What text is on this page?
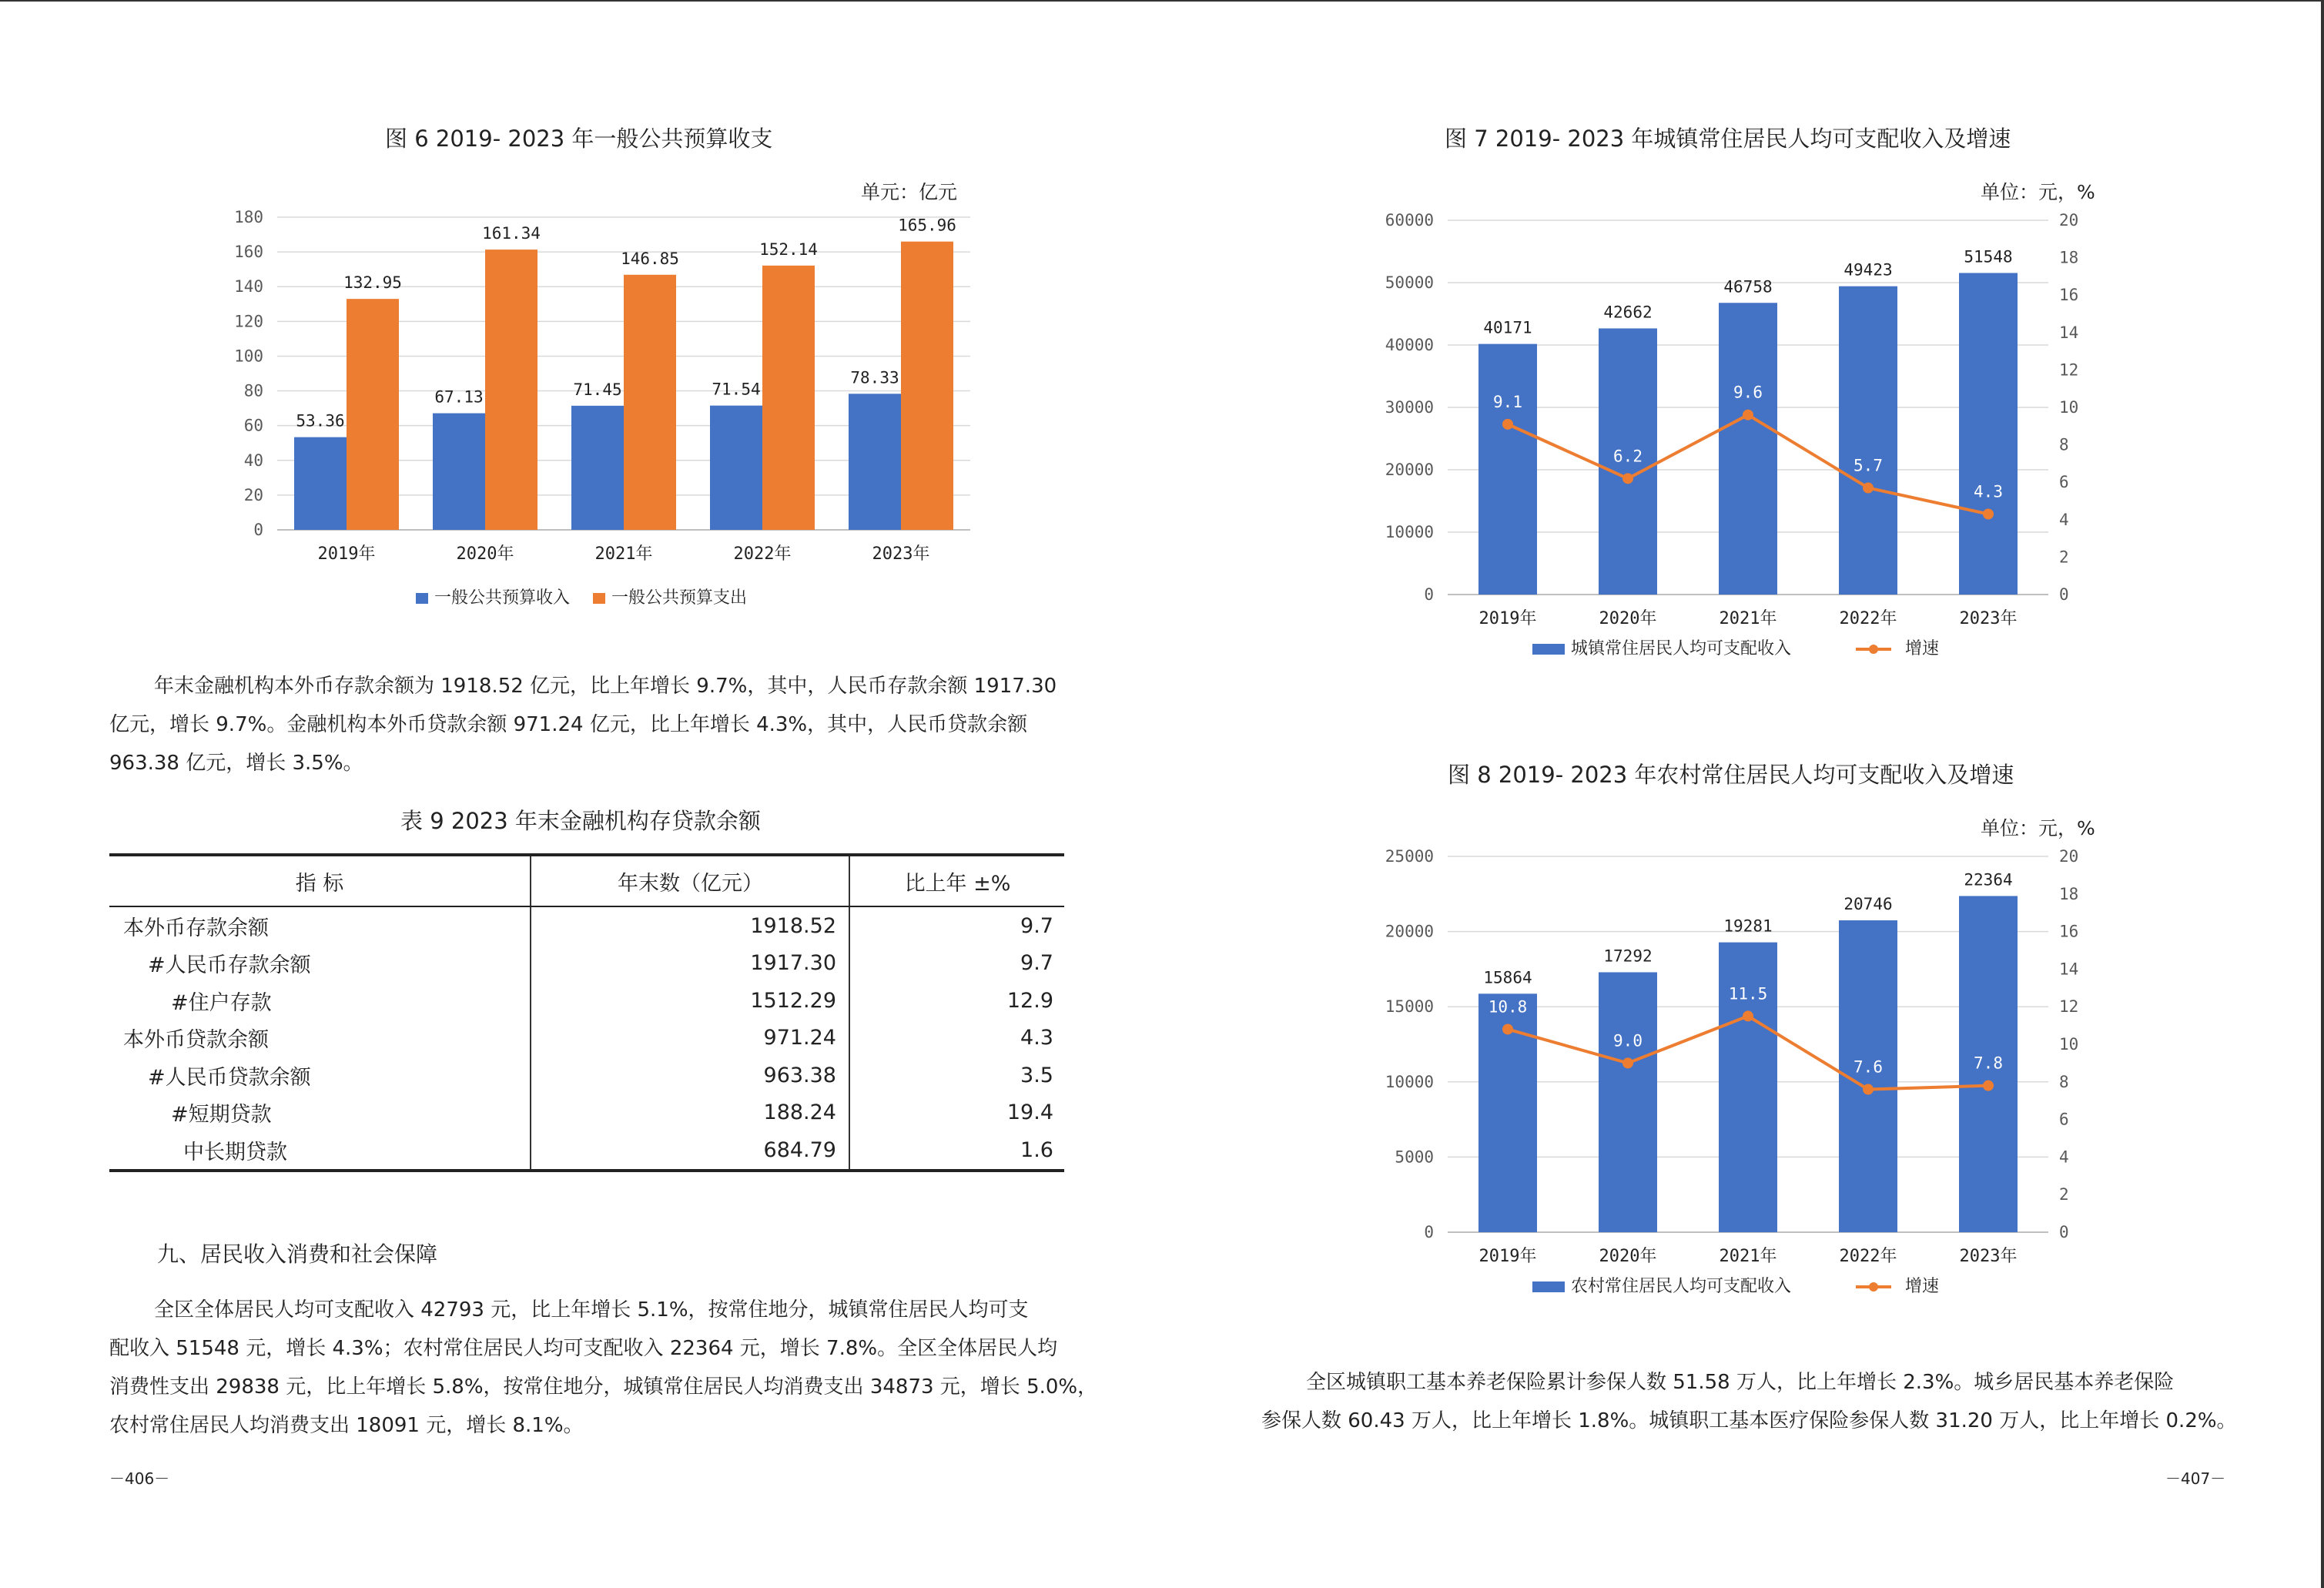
图 6 2019- 2023 年一般公共预算收支
单元：亿元
0
20
40
60
80
100
120
140
160
180
2019年	2020年	2021年	2022年	2023年
53.36
67.13	71.45	71.54
78.33
132.95
161.34
146.85	152.14
165.96
一般公共预算收入 一般公共预算支出
年末金融机构本外币存款余额为 1918.52 亿元，比上年增长 9.7%，其中，人民币存款余额 1917.30
亿元，增长 9.7%。金融机构本外币贷款余额 971.24 亿元，比上年增长 4.3%，其中，人民币贷款余额
963.38 亿元，增长 3.5%。
表 9 2023 年末金融机构存贷款余额
指 标	年末数（亿元）	比上年 ±%
本外币存款余额	1918.52	9.7
#人民币存款余额	1917.30	9.7
#住户存款	1512.29	12.9
本外币贷款余额	971.24	4.3
#人民币贷款余额	963.38	3.5
#短期贷款	188.24	19.4
中长期贷款	684.79	1.6
九、居民收入消费和社会保障
全区全体居民人均可支配收入 42793 元，比上年增长 5.1%，按常住地分，城镇常住居民人均可支
配收入 51548 元，增长 4.3%；农村常住居民人均可支配收入 22364 元，增长 7.8%。全区全体居民人均
消费性支出 29838 元，比上年增长 5.8%，按常住地分，城镇常住居民人均消费支出 34873 元，增长 5.0%，
农村常住居民人均消费支出 18091 元，增长 8.1%。
－406－
图 7 2019- 2023 年城镇常住居民人均可支配收入及增速
单位：元，%
0
10000
20000
30000
40000
50000
60000
0
2
4
6
8
10
12
14
16
18
20
2019年	2020年	2021年	2022年	2023年
40171
42662
46758
49423
51548
9.1
6.2
9.6
5.7
4.3
城镇常住居民人均可支配收入	增速
图 8 2019- 2023 年农村常住居民人均可支配收入及增速
单位：元，%
0
5000
10000
15000
20000
25000
0
2
4
6
8
10
12
14
16
18
20
2019年	2020年	2021年	2022年	2023年
15864
17292
19281
20746
22364
10.8
9.0
11.5
7.6	7.8
农村常住居民人均可支配收入	增速
全区城镇职工基本养老保险累计参保人数 51.58 万人，比上年增长 2.3%。城乡居民基本养老保险
参保人数 60.43 万人，比上年增长 1.8%。城镇职工基本医疗保险参保人数 31.20 万人，比上年增长 0.2%。
－407－
